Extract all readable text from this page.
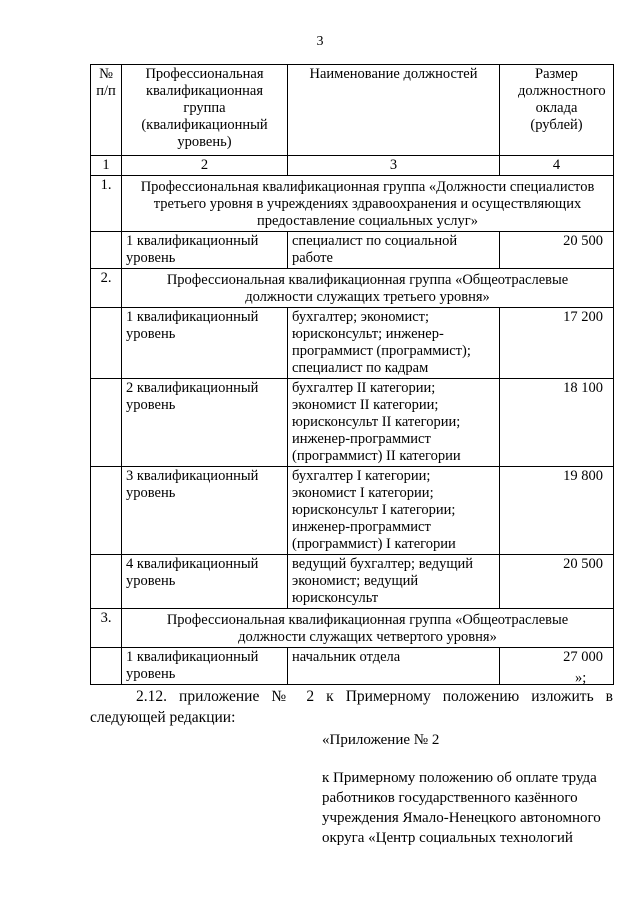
3
№ п/п	Профессиональная квалификационная группа (квалификационный уровень)	Наименование должностей	Размер должностного оклада (рублей)
1	2	3	4
1.	Профессиональная квалификационная группа «Должности специалистов третьего уровня в учреждениях здравоохранения и осуществляющих предоставление социальных услуг»		
	1 квалификационный уровень	специалист по социальной работе	20 500
2.	Профессиональная квалификационная группа «Общеотраслевые должности служащих третьего уровня»		
	1 квалификационный уровень	бухгалтер; экономист; юрисконсульт; инженер-программист (программист); специалист по кадрам	17 200
	2 квалификационный уровень	бухгалтер II категории; экономист II категории; юрисконсульт II категории; инженер-программист (программист) II категории	18 100
	3 квалификационный уровень	бухгалтер I категории; экономист I категории; юрисконсульт I категории; инженер-программист (программист) I категории	19 800
	4 квалификационный уровень	ведущий бухгалтер; ведущий экономист; ведущий юрисконсульт	20 500
3.	Профессиональная квалификационная группа «Общеотраслевые должности служащих четвертого уровня»		
	1 квалификационный уровень	начальник отдела	27 000
»;
2.12. приложение № 2 к Примерному положению изложить в следующей редакции:
«Приложение № 2
к Примерному положению об оплате труда работников государственного казённого учреждения Ямало-Ненецкого автономного округа «Центр социальных технологий
